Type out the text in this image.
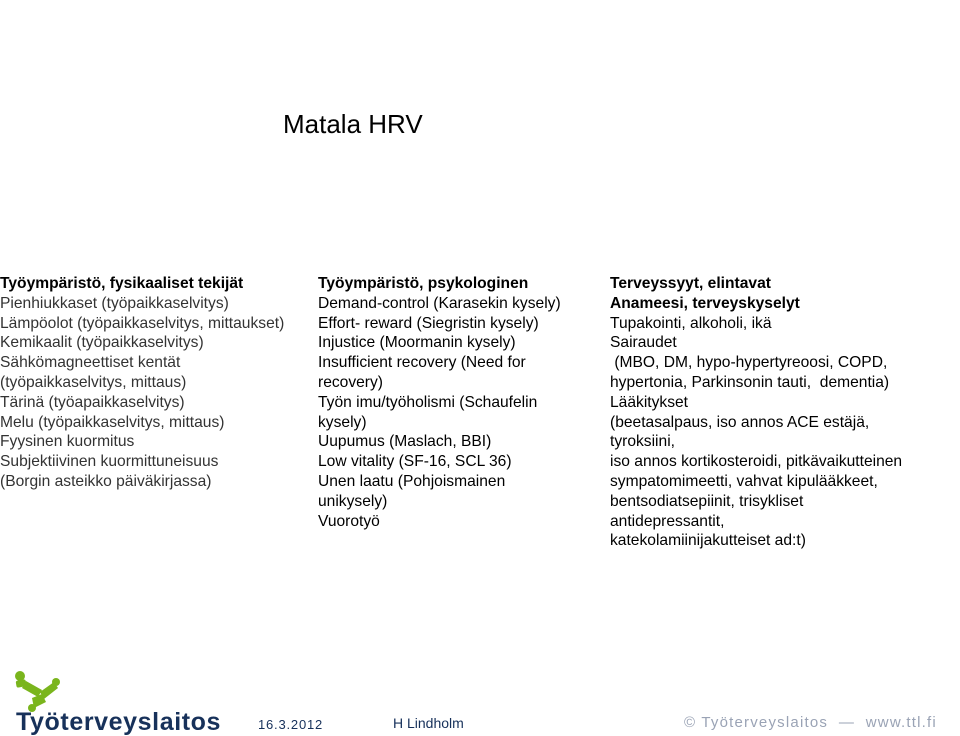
Matala HRV
Työympäristö, fysikaaliset tekijät
Pienhiukkaset (työpaikkaselvitys)
Lämpöolot (työpaikkaselvitys, mittaukset)
Kemikaalit (työpaikkaselvitys)
Sähkömagneettiset kentät
(työpaikkaselvitys, mittaus)
Tärinä (työapaikkaselvitys)
Melu (työpaikkaselvitys, mittaus)
Fyysinen kuormitus
Subjektiivinen kuormittuneisuus
(Borgin asteikko päiväkirjassa)
Työympäristö, psykologinen
Demand-control (Karasekin kysely)
Effort- reward (Siegristin kysely)
Injustice (Moormanin kysely)
Insufficient recovery (Need for
recovery)
Työn imu/työholismi (Schaufelin
kysely)
Uupumus (Maslach, BBI)
Low vitality (SF-16, SCL 36)
Unen laatu (Pohjoismainen
unikysely)
Vuorotyö
Terveyssyyt, elintavat
Anameesi, terveyskyselyt
Tupakointi, alkoholi, ikä
Sairaudet
(MBO, DM, hypo-hypertyreoosi, COPD,
hypertonia, Parkinsonin tauti,  dementia)
Lääkitykset
(beetasalpaus, iso annos ACE estäjä,
tyroksiini,
iso annos kortikosteroidi, pitkävaikutteinen
sympatomimeetti, vahvat kipulääkkeet,
bentsodiatsepiinit, trisykliset
antidepressantit,
katekolamiinijakutteiset ad:t)
Työterveyslaitos	16.3.2012	H Lindholm	© Työterveyslaitos  —  www.ttl.fi
